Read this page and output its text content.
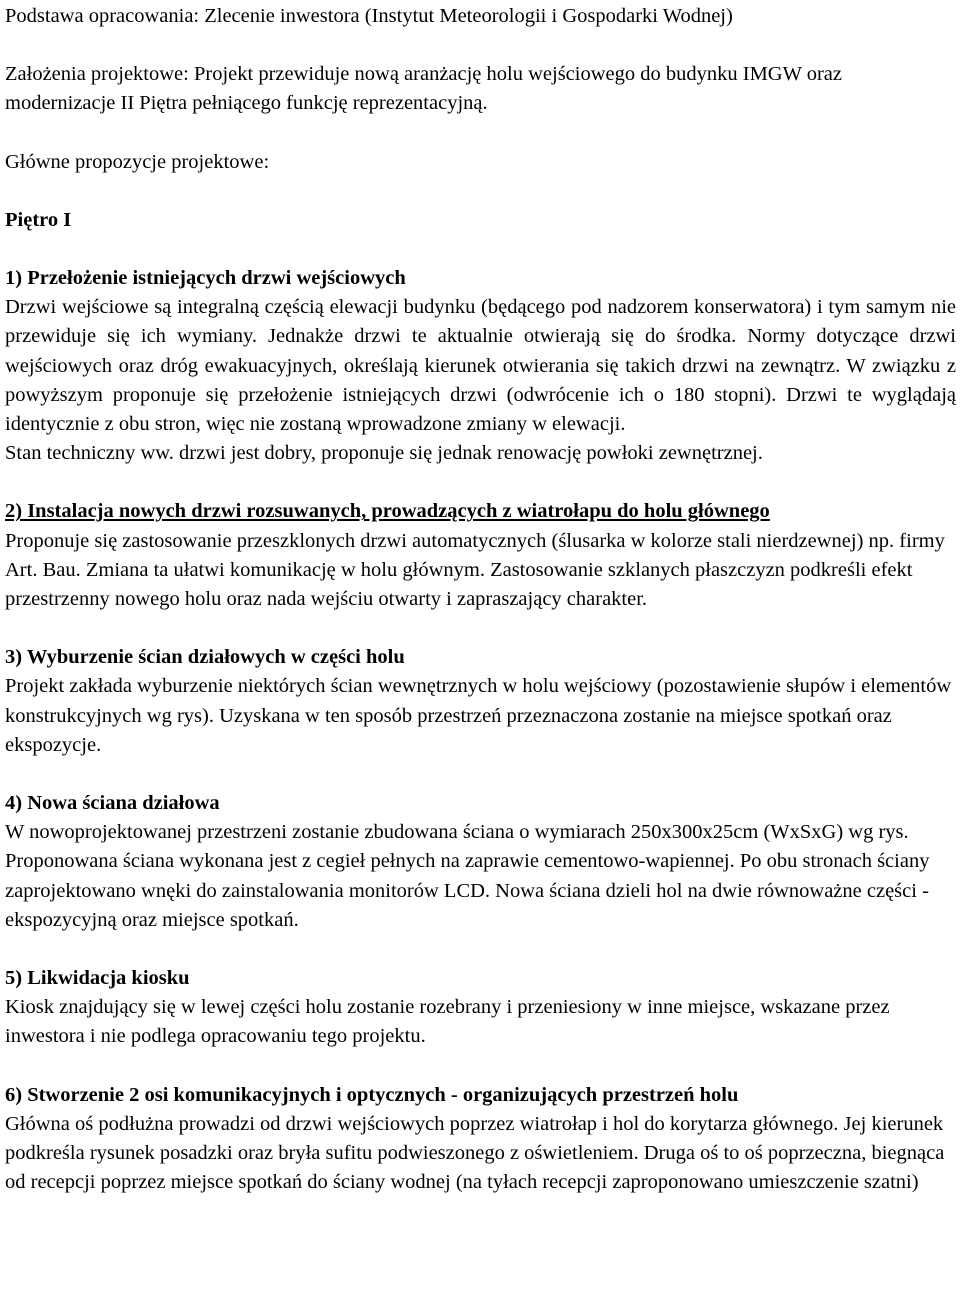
Podstawa opracowania: Zlecenie inwestora (Instytut Meteorologii i Gospodarki Wodnej)

Założenia projektowe: Projekt przewiduje nową aranżację holu wejściowego do budynku IMGW oraz modernizacje II Piętra pełniącego funkcję reprezentacyjną.

Główne propozycje projektowe:

Piętro I

1) Przełożenie istniejących drzwi wejściowych

Drzwi wejściowe są integralną częścią elewacji budynku (będącego pod nadzorem konserwatora) i tym samym nie przewiduje się ich wymiany. Jednakże drzwi te aktualnie otwierają się do środka. Normy dotyczące drzwi wejściowych oraz dróg ewakuacyjnych, określają kierunek otwierania się takich drzwi na zewnątrz. W związku z powyższym proponuje się przełożenie istniejących drzwi (odwrócenie ich o 180 stopni). Drzwi te wyglądają identycznie z obu stron, więc nie zostaną wprowadzone zmiany w elewacji.

Stan techniczny ww. drzwi jest dobry, proponuje się jednak renowację powłoki zewnętrznej.

2) Instalacja nowych drzwi rozsuwanych, prowadzących z wiatrołapu do holu głównego

Proponuje się zastosowanie przeszklonych drzwi automatycznych (ślusarka w kolorze stali nierdzewnej) np. firmy Art. Bau. Zmiana ta ułatwi komunikację w holu głównym. Zastosowanie szklanych płaszczyzn podkreśli efekt przestrzenny nowego holu oraz nada wejściu otwarty i zapraszający charakter.

3) Wyburzenie ścian działowych w części holu

Projekt zakłada wyburzenie niektórych ścian wewnętrznych w holu wejściowy (pozostawienie słupów i elementów konstrukcyjnych wg rys). Uzyskana w ten sposób przestrzeń przeznaczona zostanie na miejsce spotkań oraz ekspozycje.

4) Nowa ściana działowa

W nowoprojektowanej przestrzeni zostanie zbudowana ściana o wymiarach 250x300x25cm (WxSxG) wg rys. Proponowana ściana wykonana jest z cegieł pełnych na zaprawie cementowo-wapiennej. Po obu stronach ściany zaprojektowano wnęki do zainstalowania monitorów LCD. Nowa ściana dzieli hol na dwie równoważne części -ekspozycyjną oraz miejsce spotkań.

5) Likwidacja kiosku

Kiosk znajdujący się w lewej części holu zostanie rozebrany i przeniesiony w inne miejsce, wskazane przez inwestora i nie podlega opracowaniu tego projektu.

6) Stworzenie 2 osi komunikacyjnych i optycznych - organizujących przestrzeń holu

Główna oś podłużna prowadzi od drzwi wejściowych poprzez wiatrołap i hol do korytarza głównego. Jej kierunek podkreśla rysunek posadzki oraz bryła sufitu podwieszonego z oświetleniem. Druga oś to oś poprzeczna, biegnąca od recepcji poprzez miejsce spotkań do ściany wodnej (na tyłach recepcji zaproponowano umieszczenie szatni)
